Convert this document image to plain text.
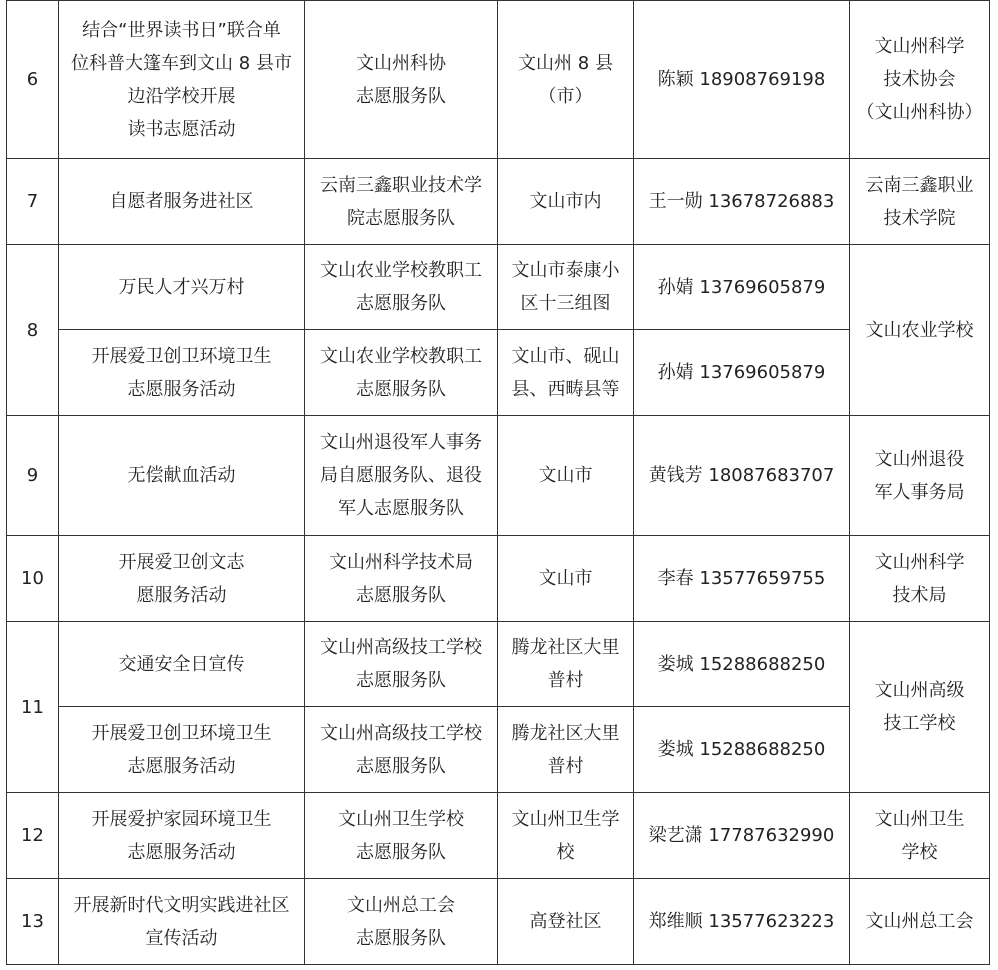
6	结合“世界读书日”联合单
位科普大篷车到文山 8 县市
边沿学校开展
读书志愿活动	文山州科协
志愿服务队	文山州 8 县
（市）	陈颖 18908769198	文山州科学
技术协会
（文山州科协）
7	自愿者服务进社区	云南三鑫职业技术学
院志愿服务队	文山市内	王一勋 13678726883	云南三鑫职业
技术学院
8	万民人才兴万村	文山农业学校教职工
志愿服务队	文山市泰康小
区十三组图	孙婧 13769605879	文山农业学校
	开展爱卫创卫环境卫生
志愿服务活动	文山农业学校教职工
志愿服务队	文山市、砚山
县、西畴县等	孙婧 13769605879	
9	无偿献血活动	文山州退役军人事务
局自愿服务队、退役
军人志愿服务队	文山市	黄钱芳 18087683707	文山州退役
军人事务局
10	开展爱卫创文志
愿服务活动	文山州科学技术局
志愿服务队	文山市	李春 13577659755	文山州科学
技术局
11	交通安全日宣传	文山州高级技工学校
志愿服务队	腾龙社区大里
普村	娄城 15288688250	文山州高级
技工学校
	开展爱卫创卫环境卫生
志愿服务活动	文山州高级技工学校
志愿服务队	腾龙社区大里
普村	娄城 15288688250	
12	开展爱护家园环境卫生
志愿服务活动	文山州卫生学校
志愿服务队	文山州卫生学
校	梁艺潇 17787632990	文山州卫生
学校
13	开展新时代文明实践进社区
宣传活动	文山州总工会
志愿服务队	高登社区	郑维顺 13577623223	文山州总工会
